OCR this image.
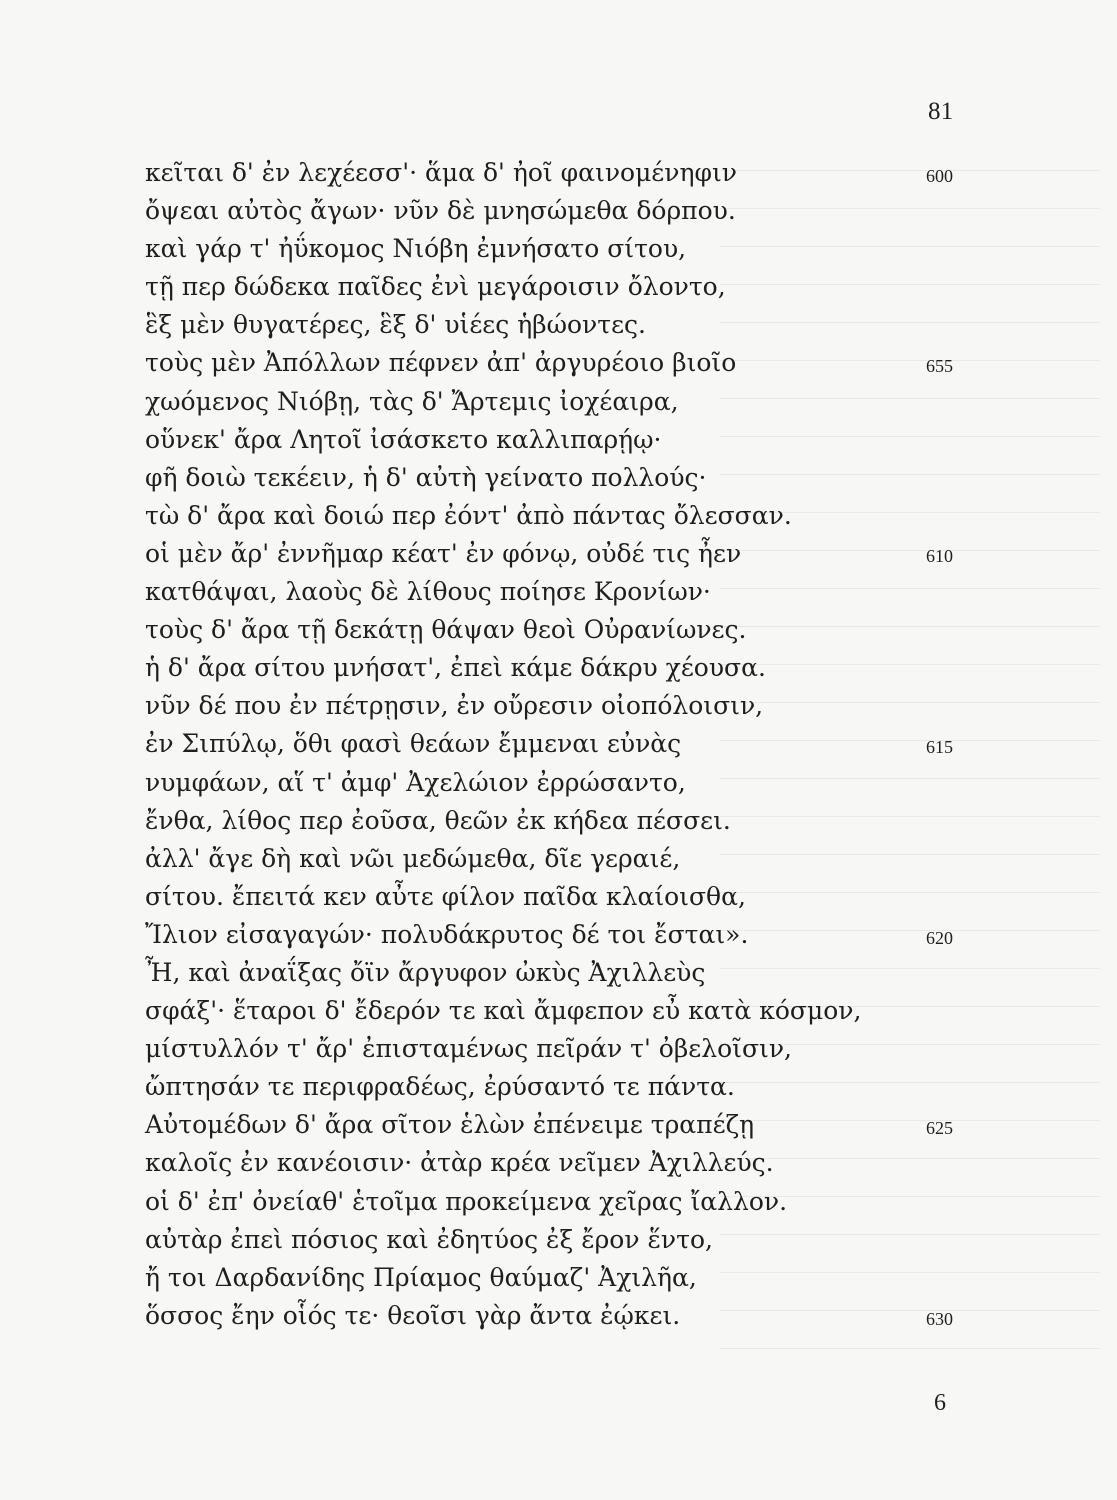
81
κεῖται δ' ἐν λεχέεσσ'· ἅμα δ' ἠοῖ φαινομένηφιν
ὄψεαι αὐτὸς ἄγων· νῦν δὲ μνησώμεθα δόρπου.
καὶ γάρ τ' ἠΰκομος Νιόβη ἐμνήσατο σίτου,
τῇ περ δώδεκα παῖδες ἐνὶ μεγάροισιν ὄλοντο,
ἓξ μὲν θυγατέρες, ἓξ δ' υἱέες ἡβώοντες.
τοὺς μὲν Ἀπόλλων πέφνεν ἀπ' ἀργυρέοιο βιοῖο
χωόμενος Νιόβῃ, τὰς δ' Ἄρτεμις ἰοχέαιρα,
οὕνεκ' ἄρα Λητοῖ ἰσάσκετο καλλιπαρῄῳ·
φῆ δοιὼ τεκέειν, ἡ δ' αὐτὴ γείνατο πολλούς·
τὼ δ' ἄρα καὶ δοιώ περ ἐόντ' ἀπὸ πάντας ὄλεσσαν.
οἱ μὲν ἄρ' ἐννῆμαρ κέατ' ἐν φόνῳ, οὐδέ τις ἦεν
κατθάψαι, λαοὺς δὲ λίθους ποίησε Κρονίων·
τοὺς δ' ἄρα τῇ δεκάτῃ θάψαν θεοὶ Οὐρανίωνες.
ἡ δ' ἄρα σίτου μνήσατ', ἐπεὶ κάμε δάκρυ χέουσα.
νῦν δέ που ἐν πέτρῃσιν, ἐν οὔρεσιν οἰοπόλοισιν,
ἐν Σιπύλῳ, ὅθι φασὶ θεάων ἔμμεναι εὐνὰς
νυμφάων, αἵ τ' ἀμφ' Ἀχελώιον ἐρρώσαντο,
ἔνθα, λίθος περ ἐοῦσα, θεῶν ἐκ κήδεα πέσσει.
ἀλλ' ἄγε δὴ καὶ νῶι μεδώμεθα, δῖε γεραιέ,
σίτου. ἔπειτά κεν αὖτε φίλον παῖδα κλαίοισθα,
Ἴλιον εἰσαγαγών· πολυδάκρυτος δέ τοι ἔσται».
Ἦ, καὶ ἀναΐξας ὄϊν ἄργυφον ὠκὺς Ἀχιλλεὺς
σφάξ'· ἕταροι δ' ἔδερόν τε καὶ ἄμφεπον εὖ κατὰ κόσμον,
μίστυλλόν τ' ἄρ' ἐπισταμένως πεῖράν τ' ὀβελοῖσιν,
ὤπτησάν τε περιφραδέως, ἐρύσαντό τε πάντα.
Αὐτομέδων δ' ἄρα σῖτον ἑλὼν ἐπένειμε τραπέζῃ
καλοῖς ἐν κανέοισιν· ἀτὰρ κρέα νεῖμεν Ἀχιλλεύς.
οἱ δ' ἐπ' ὀνείαθ' ἑτοῖμα προκείμενα χεῖρας ἴαλλον.
αὐτὰρ ἐπεὶ πόσιος καὶ ἐδητύος ἐξ ἔρον ἕντο,
ἤ τοι Δαρδανίδης Πρίαμος θαύμαζ' Ἀχιλῆα,
ὅσσος ἔην οἷός τε· θεοῖσι γὰρ ἄντα ἐῴκει.
600
655
610
615
620
625
630
6
